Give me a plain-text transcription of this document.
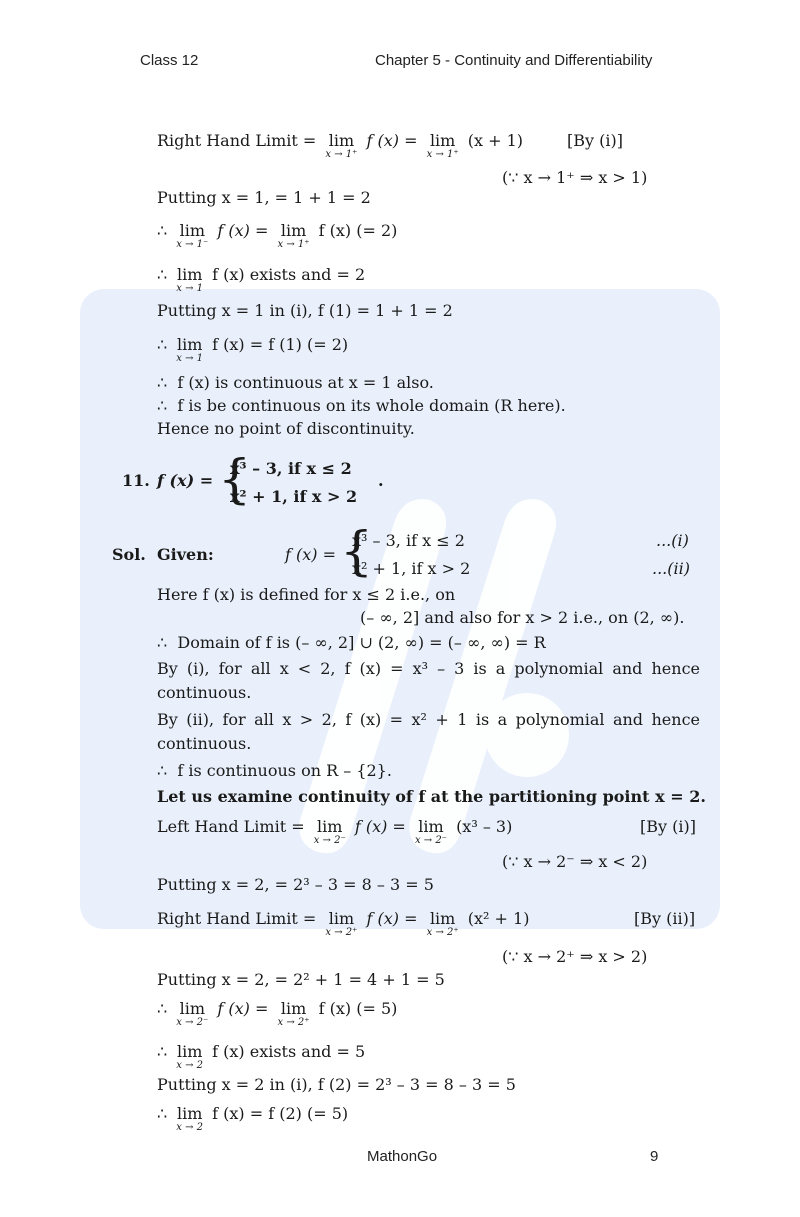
Class 12	Chapter 5 - Continuity and Differentiability
Right Hand Limit = lim
x → 1⁺
f (x) = lim
x → 1⁺
(x + 1)	[By (i)]
(∵ x → 1⁺ ⇒ x > 1)
Putting x = 1, = 1 + 1 = 2
∴ lim
x → 1⁻
f (x) = lim
x → 1⁺
f (x) (= 2)
∴ lim
x → 1
f (x) exists and = 2
Putting x = 1 in (i), f (1) = 1 + 1 = 2
∴ lim
x → 1
f (x) = f (1) (= 2)
∴ f (x) is continuous at x = 1 also.
∴ f is be continuous on its whole domain (R here).
Hence no point of discontinuity.
11. f (x) = {
x³ – 3, if x ≤ 2
x² + 1, if x > 2
.
Sol. Given:	f (x) = {
x³ – 3, if x ≤ 2
x² + 1, if x > 2
...(i)
...(ii)
Here f (x) is defined for x ≤ 2 i.e., on
(– ∞, 2] and also for x > 2 i.e., on (2, ∞).
∴ Domain of f is (– ∞, 2] ∪ (2, ∞) = (– ∞, ∞) = R
By (i), for all x < 2, f (x) = x³ – 3 is a polynomial and hence
continuous.
By (ii), for all x > 2, f (x) = x² + 1 is a polynomial and hence
continuous.
∴ f is continuous on R – {2}.
Let us examine continuity of f at the partitioning point x = 2.
Left Hand Limit = lim
x → 2⁻
f (x) = lim
x → 2⁻
(x³ – 3)	[By (i)]
(∵ x → 2⁻ ⇒ x < 2)
Putting x = 2, = 2³ – 3 = 8 – 3 = 5
Right Hand Limit = lim
x → 2⁺
f (x) = lim
x → 2⁺
(x² + 1)	[By (ii)]
(∵ x → 2⁺ ⇒ x > 2)
Putting x = 2, = 2² + 1 = 4 + 1 = 5
∴ lim
x → 2⁻
f (x) = lim
x → 2⁺
f (x) (= 5)
∴ lim
x → 2
f (x) exists and = 5
Putting x = 2 in (i), f (2) = 2³ – 3 = 8 – 3 = 5
∴ lim
x → 2
f (x) = f (2) (= 5)
MathonGo	9
